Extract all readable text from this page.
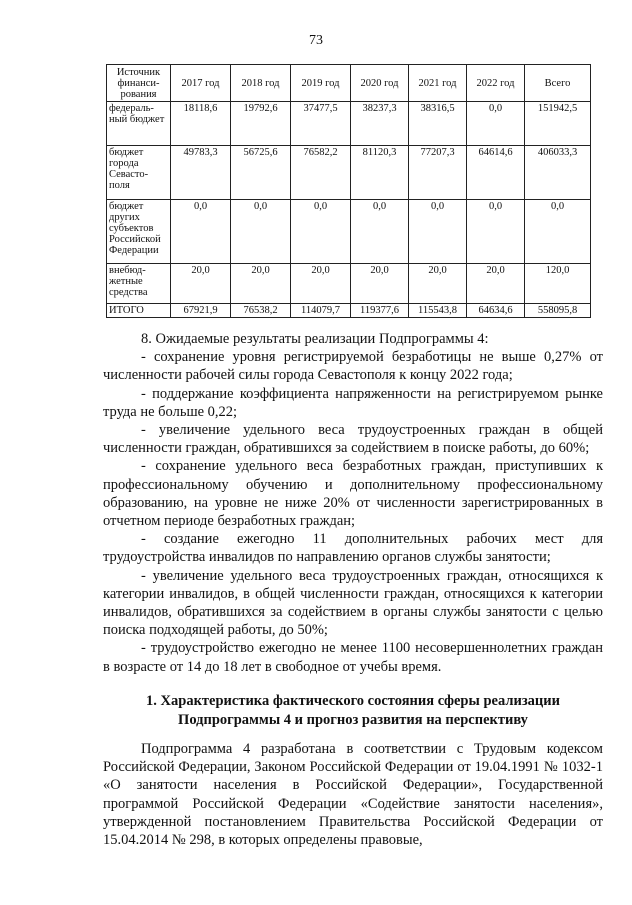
73
Источник финанси-рования	2017 год	2018 год	2019 год	2020 год	2021 год	2022 год	Всего
федераль-ный бюджет	18118,6	19792,6	37477,5	38237,3	38316,5	0,0	151942,5
бюджет города Севасто-поля	49783,3	56725,6	76582,2	81120,3	77207,3	64614,6	406033,3
бюджет других субъектов Российской Федерации	0,0	0,0	0,0	0,0	0,0	0,0	0,0
внебюд-жетные средства	20,0	20,0	20,0	20,0	20,0	20,0	120,0
ИТОГО	67921,9	76538,2	114079,7	119377,6	115543,8	64634,6	558095,8

8. Ожидаемые результаты реализации Подпрограммы 4:

- сохранение уровня регистрируемой безработицы не выше 0,27% от численности рабочей силы города Севастополя к концу 2022 года;

- поддержание коэффициента напряженности на регистрируемом рынке труда не больше 0,22;

- увеличение удельного веса трудоустроенных граждан в общей численности граждан, обратившихся за содействием в поиске работы, до 60%;

- сохранение удельного веса безработных граждан, приступивших к профессиональному обучению и дополнительному профессиональному образованию, на уровне не ниже 20% от численности зарегистрированных в отчетном периоде безработных граждан;

- создание ежегодно 11 дополнительных рабочих мест для трудоустройства инвалидов по направлению органов службы занятости;

- увеличение удельного веса трудоустроенных граждан, относящихся к категории инвалидов, в общей численности граждан, относящихся к категории инвалидов, обратившихся за содействием в органы службы занятости с целью поиска подходящей работы, до 50%;

- трудоустройство ежегодно не менее 1100 несовершеннолетних граждан в возрасте от 14 до 18 лет в свободное от учебы время.

1. Характеристика фактического состояния сферы реализации
Подпрограммы 4 и прогноз развития на перспективу
Подпрограмма 4 разработана в соответствии с Трудовым кодексом Российской Федерации, Законом Российской Федерации от 19.04.1991 № 1032-1 «О занятости населения в Российской Федерации», Государственной программой Российской Федерации «Содействие занятости населения», утвержденной постановлением Правительства Российской Федерации от 15.04.2014 № 298, в которых определены правовые,
